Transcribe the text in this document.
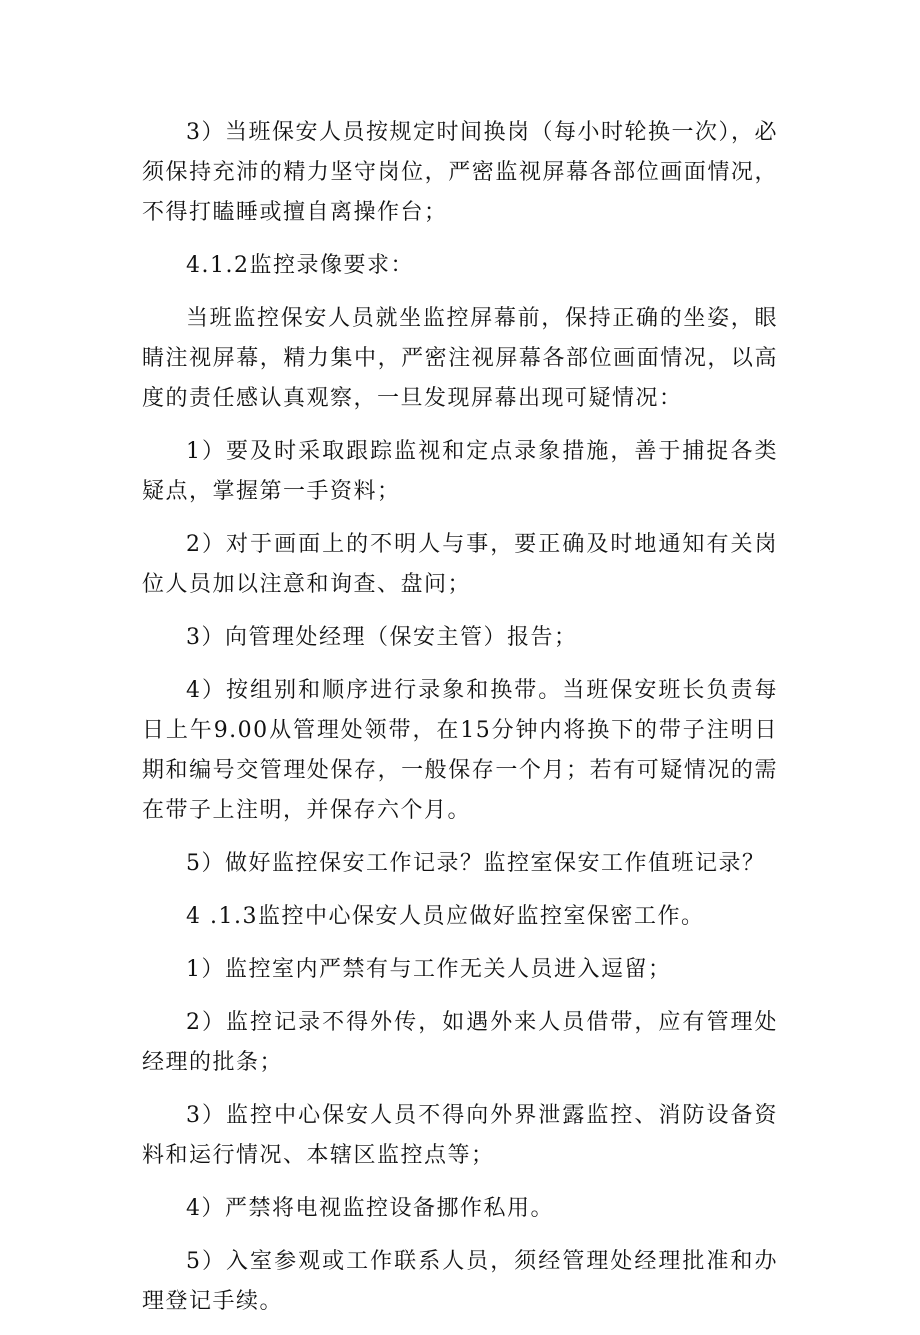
3）当班保安人员按规定时间换岗（每小时轮换一次），必须保持充沛的精力坚守岗位，严密监视屏幕各部位画面情况，不得打瞌睡或擅自离操作台；

4.1.2监控录像要求：

当班监控保安人员就坐监控屏幕前，保持正确的坐姿，眼睛注视屏幕，精力集中，严密注视屏幕各部位画面情况，以高度的责任感认真观察，一旦发现屏幕出现可疑情况：

1）要及时采取跟踪监视和定点录象措施，善于捕捉各类疑点，掌握第一手资料；

2）对于画面上的不明人与事，要正确及时地通知有关岗位人员加以注意和询查、盘问；

3）向管理处经理（保安主管）报告；

4）按组别和顺序进行录象和换带。当班保安班长负责每日上午9.00从管理处领带，在15分钟内将换下的带子注明日期和编号交管理处保存，一般保存一个月；若有可疑情况的需在带子上注明，并保存六个月。

5）做好监控保安工作记录？监控室保安工作值班记录？

4 .1.3监控中心保安人员应做好监控室保密工作。

1）监控室内严禁有与工作无关人员进入逗留；

2）监控记录不得外传，如遇外来人员借带，应有管理处经理的批条；

3）监控中心保安人员不得向外界泄露监控、消防设备资料和运行情况、本辖区监控点等；

4）严禁将电视监控设备挪作私用。

5）入室参观或工作联系人员，须经管理处经理批准和办理登记手续。
